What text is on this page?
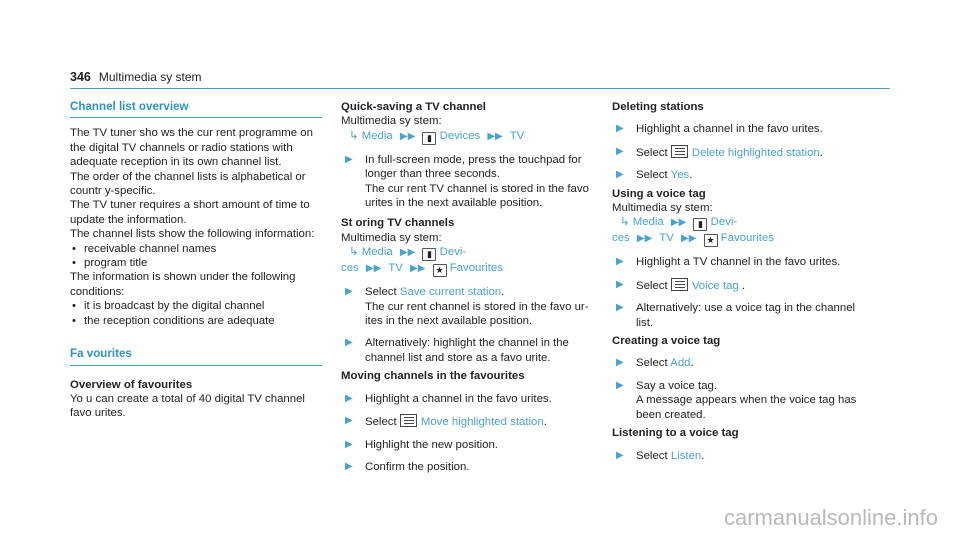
346 Multimedia sy stem
Channel list overview

The TV tuner sho ws the cur rent programme on the digital TV channels or radio stations with adequate reception in its own channel list.

The order of the channel lists is alphabetical or countr y-specific.

The TV tuner requires a short amount of time to update the information.

The channel lists show the following information:

• receivable channel names
• program title

The information is shown under the following conditions:

• it is broadcast by the digital channel
• the reception conditions are adequate
Fa vourites

Overview of favourites

Yo u can create a total of 40 digital TV channel favo urites.

Quick-saving a TV channel

Multimedia sy stem:

↳ Media ▶▶ ▮ Devices ▶▶ TV
▶	In full-screen mode, press the touchpad for longer than three seconds.
The cur rent TV channel is stored in the favo urites in the next available position.

St oring TV channels

Multimedia sy stem:

↳ Media ▶▶ ▮ Devi-
ces ▶▶ TV ▶▶ ★ Favourites
▶	Select Save current station.
The cur rent channel is stored in the favo urites in the next available position.
▶	Alternatively: highlight the channel in the channel list and store as a favo urite.

Moving channels in the favourites

▶	Highlight a channel in the favo urites.
▶	Select Move highlighted station.
▶	Highlight the new position.
▶	Confirm the position.

Deleting stations

▶	Highlight a channel in the favo urites.
▶	Select Delete highlighted station.
▶	Select Yes.

Using a voice tag

Multimedia sy stem:

↳ Media ▶▶ ▮ Devi-
ces ▶▶ TV ▶▶ ★ Favourites
▶	Highlight a TV channel in the favo urites.
▶	Select Voice tag .
▶	Alternatively: use a voice tag in the channel list.

Creating a voice tag

▶	Select Add.
▶	Say a voice tag.
A message appears when the voice tag has been created.

Listening to a voice tag

▶	Select Listen.
carmanualsonline.info
